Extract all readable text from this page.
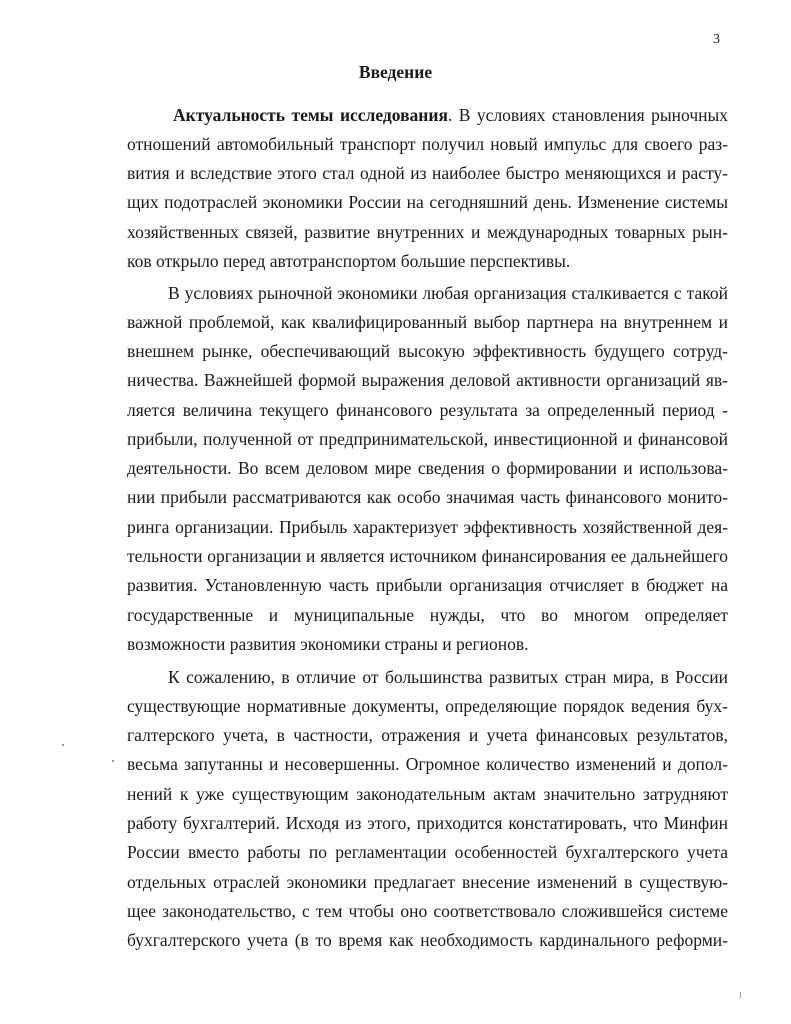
3
Введение
Актуальность темы исследования. В условиях становления рыночных
отношений автомобильный транспорт получил новый импульс для своего раз-
вития и вследствие этого стал одной из наиболее быстро меняющихся и расту-
щих подотраслей экономики России на сегодняшний день. Изменение системы
хозяйственных связей, развитие внутренних и международных товарных рын-
ков открыло перед автотранспортом большие перспективы.
В условиях рыночной экономики любая организация сталкивается с такой
важной проблемой, как квалифицированный выбор партнера на внутреннем и
внешнем рынке, обеспечивающий высокую эффективность будущего сотруд-
ничества. Важнейшей формой выражения деловой активности организаций яв-
ляется величина текущего финансового результата за определенный период -
прибыли, полученной от предпринимательской, инвестиционной и финансовой
деятельности. Во всем деловом мире сведения о формировании и использова-
нии прибыли рассматриваются как особо значимая часть финансового монито-
ринга организации. Прибыль характеризует эффективность хозяйственной дея-
тельности организации и является источником финансирования ее дальнейшего
развития. Установленную часть прибыли организация отчисляет в бюджет на
государственные и муниципальные нужды, что во многом определяет
возможности развития экономики страны и регионов.
К сожалению, в отличие от большинства развитых стран мира, в России
существующие нормативные документы, определяющие порядок ведения бух-
галтерского учета, в частности, отражения и учета финансовых результатов,
весьма запутанны и несовершенны. Огромное количество изменений и допол-
нений к уже существующим законодательным актам значительно затрудняют
работу бухгалтерий. Исходя из этого, приходится констатировать, что Минфин
России вместо работы по регламентации особенностей бухгалтерского учета
отдельных отраслей экономики предлагает внесение изменений в существую-
щее законодательство, с тем чтобы оно соответствовало сложившейся системе
бухгалтерского учета (в то время как необходимость кардинального реформи-
